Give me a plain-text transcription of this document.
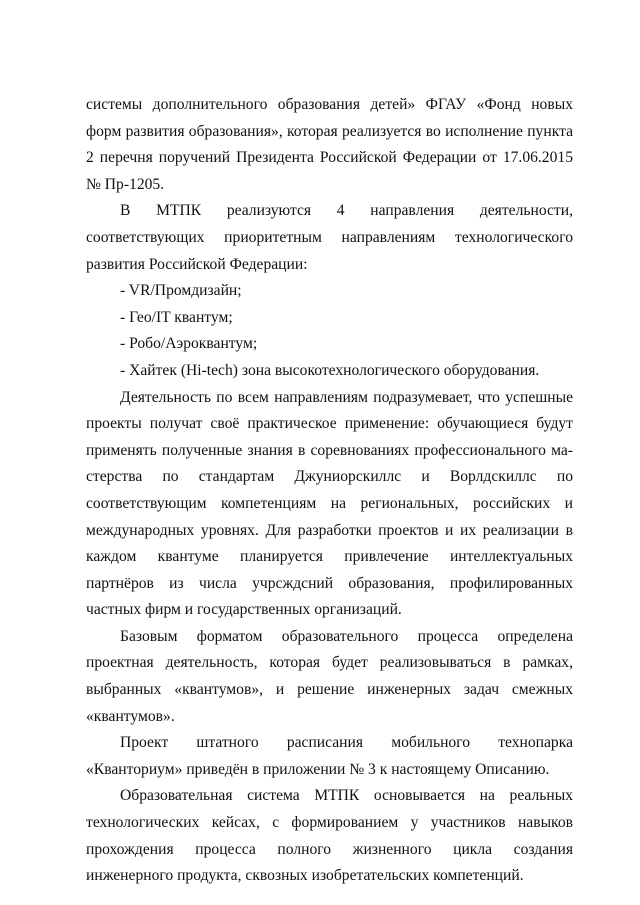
системы дополнительного образования детей» ФГАУ «Фонд новых форм развития образования», которая реализуется во исполнение пункта 2 перечня поручений Президента Российской Федерации от 17.06.2015 № Пр-1205.

В МТПК реализуются 4 направления деятельности, соответствующих приоритетным направлениям технологического развития Российской Федерации:

- VR/Промдизайн;

- Гео/IT квантум;

- Робо/Аэроквантум;

- Хайтек (Hi-tech) зона высокотехнологического оборудования.

Деятельность по всем направлениям подразумевает, что успешные проекты получат своё практическое применение: обучающиеся будут применять полученные знания в соревнованиях профессионального ма-стерства по стандартам Джуниорскиллс и Ворлдскиллс по соответствующим компетенциям на региональных, российских и международных уровнях. Для разработки проектов и их реализации в каждом квантуме планируется привлечение интеллектуальных партнёров из числа учрсждсний образования, профилированных частных фирм и государственных организаций.

Базовым форматом образовательного процесса определена проектная деятельность, которая будет реализовываться в рамках, выбранных «квантумов», и решение инженерных задач смежных «квантумов».

Проект штатного расписания мобильного технопарка «Кванториум» приведён в приложении № 3 к настоящему Описанию.

Образовательная система МТПК основывается на реальных технологических кейсах, с формированием у участников навыков прохождения процесса полного жизненного цикла создания инженерного продукта, сквозных изобретательских компетенций.
